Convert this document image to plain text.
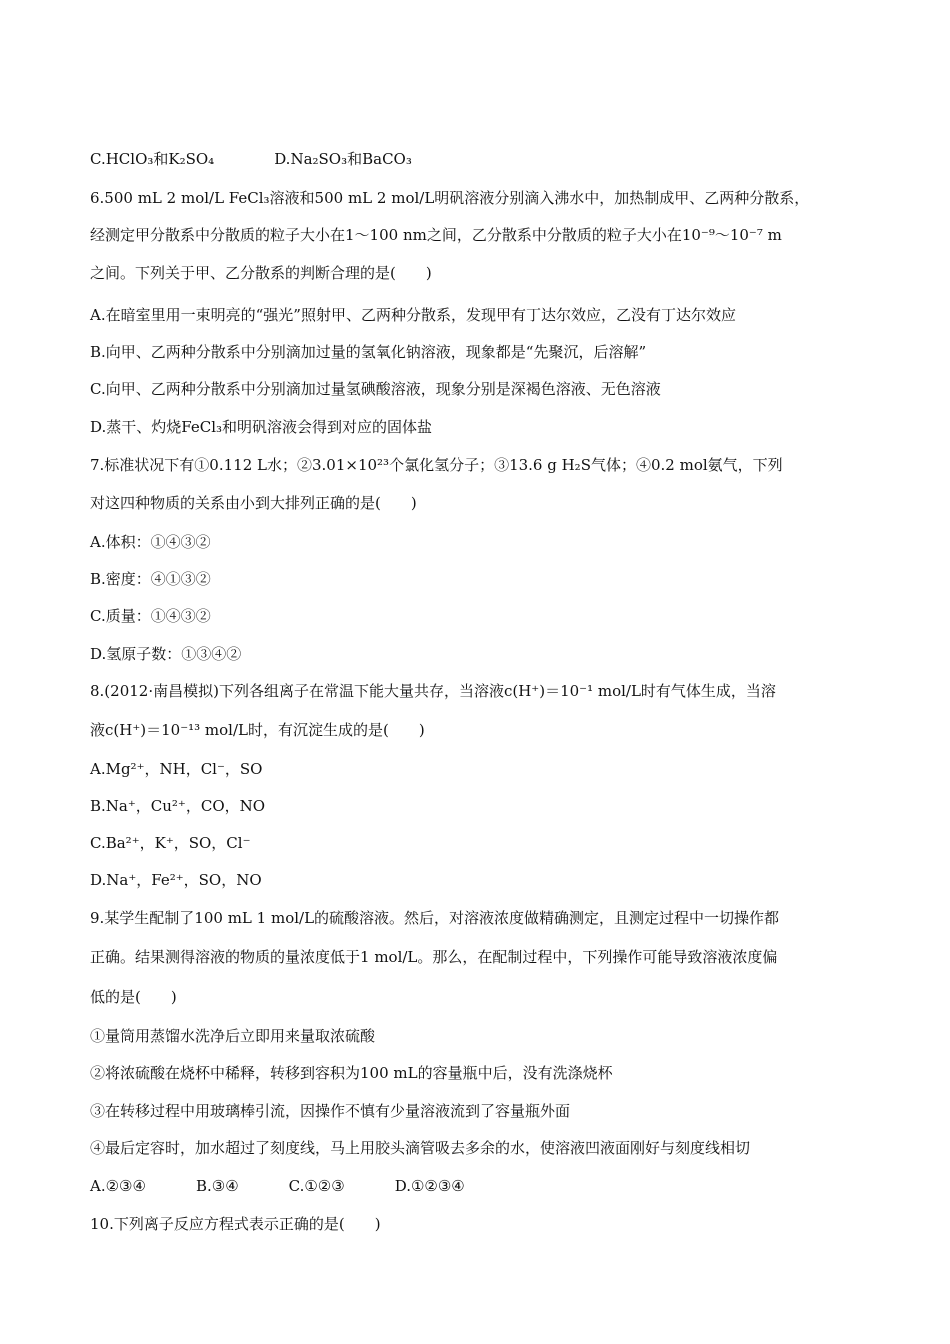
C.HClO₃和K₂SO₄	D.Na₂SO₃和BaCO₃
6.500 mL 2 mol/L FeCl₃溶液和500 mL 2 mol/L明矾溶液分别滴入沸水中，加热制成甲、乙两种分散系，
经测定甲分散系中分散质的粒子大小在1～100 nm之间，乙分散系中分散质的粒子大小在10⁻⁹～10⁻⁷ m
之间。下列关于甲、乙分散系的判断合理的是(　　)
A.在暗室里用一束明亮的“强光”照射甲、乙两种分散系，发现甲有丁达尔效应，乙没有丁达尔效应
B.向甲、乙两种分散系中分别滴加过量的氢氧化钠溶液，现象都是“先聚沉，后溶解”
C.向甲、乙两种分散系中分别滴加过量氢碘酸溶液，现象分别是深褐色溶液、无色溶液
D.蒸干、灼烧FeCl₃和明矾溶液会得到对应的固体盐
7.标准状况下有①0.112 L水；②3.01×10²³个氯化氢分子；③13.6 g H₂S气体；④0.2 mol氨气，下列
对这四种物质的关系由小到大排列正确的是(　　)
A.体积：①④③②
B.密度：④①③②
C.质量：①④③②
D.氢原子数：①③④②
8.(2012·南昌模拟)下列各组离子在常温下能大量共存，当溶液c(H⁺)＝10⁻¹ mol/L时有气体生成，当溶
液c(H⁺)＝10⁻¹³ mol/L时，有沉淀生成的是(　　)
A.Mg²⁺，NH，Cl⁻，SO
B.Na⁺，Cu²⁺，CO，NO
C.Ba²⁺，K⁺，SO，Cl⁻
D.Na⁺，Fe²⁺，SO，NO
9.某学生配制了100 mL 1 mol/L的硫酸溶液。然后，对溶液浓度做精确测定，且测定过程中一切操作都
正确。结果测得溶液的物质的量浓度低于1 mol/L。那么，在配制过程中，下列操作可能导致溶液浓度偏
低的是(　　)
①量筒用蒸馏水洗净后立即用来量取浓硫酸
②将浓硫酸在烧杯中稀释，转移到容积为100 mL的容量瓶中后，没有洗涤烧杯
③在转移过程中用玻璃棒引流，因操作不慎有少量溶液流到了容量瓶外面
④最后定容时，加水超过了刻度线，马上用胶头滴管吸去多余的水，使溶液凹液面刚好与刻度线相切
A.②③④	B.③④	C.①②③	D.①②③④
10.下列离子反应方程式表示正确的是(　　)
